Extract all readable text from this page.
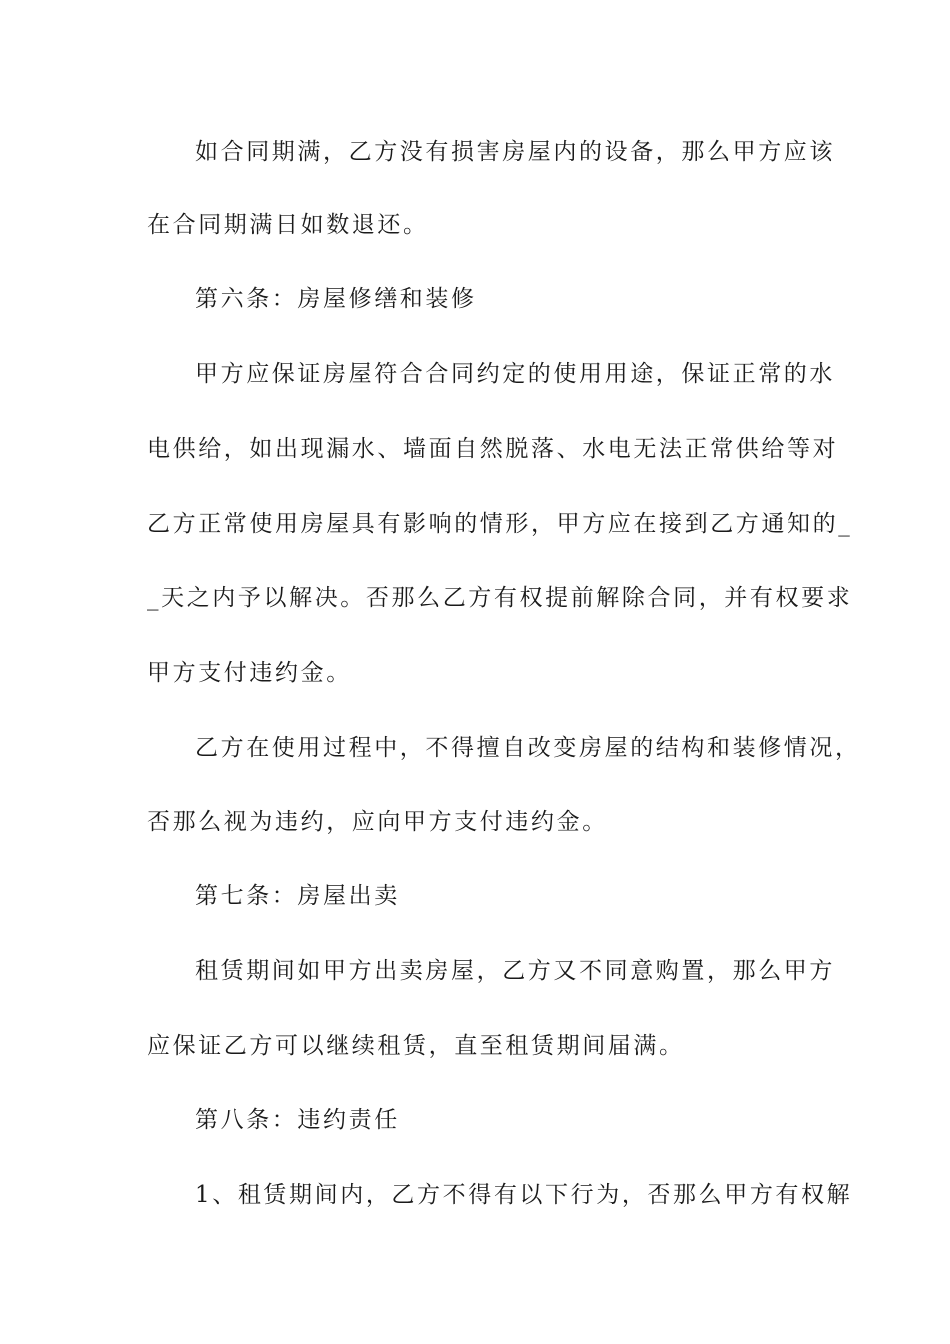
如合同期满，乙方没有损害房屋内的设备，那么甲方应该
在合同期满日如数退还。
第六条：房屋修缮和装修
甲方应保证房屋符合合同约定的使用用途，保证正常的水
电供给，如出现漏水、墙面自然脱落、水电无法正常供给等对
乙方正常使用房屋具有影响的情形，甲方应在接到乙方通知的_
_天之内予以解决。否那么乙方有权提前解除合同，并有权要求
甲方支付违约金。
乙方在使用过程中，不得擅自改变房屋的结构和装修情况，
否那么视为违约，应向甲方支付违约金。
第七条：房屋出卖
租赁期间如甲方出卖房屋，乙方又不同意购置，那么甲方
应保证乙方可以继续租赁，直至租赁期间届满。
第八条：违约责任
1、租赁期间内，乙方不得有以下行为，否那么甲方有权解
